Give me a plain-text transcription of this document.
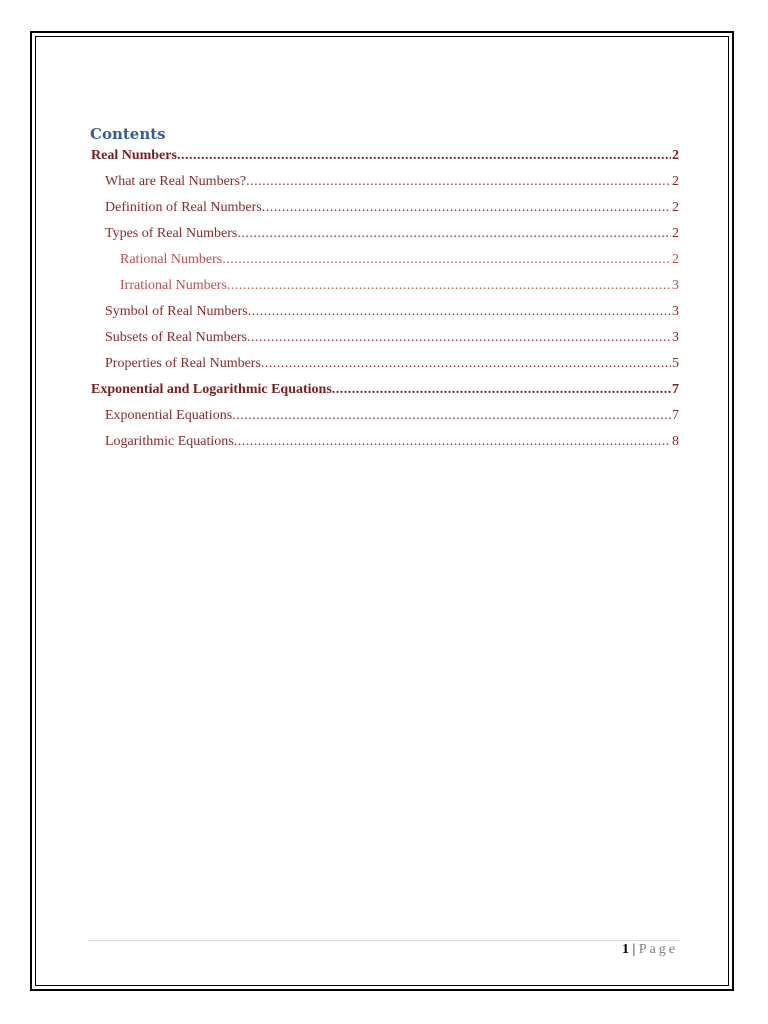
Contents
Real Numbers .....	2
What are Real Numbers? .....	2
Definition of Real Numbers .....	2
Types of Real Numbers .....	2
Rational Numbers .....	2
Irrational Numbers .....	3
Symbol of Real Numbers .....	3
Subsets of Real Numbers .....	3
Properties of Real Numbers .....	5
Exponential and Logarithmic Equations .....	7
Exponential Equations .....	7
Logarithmic Equations .....	8
1 | Page
